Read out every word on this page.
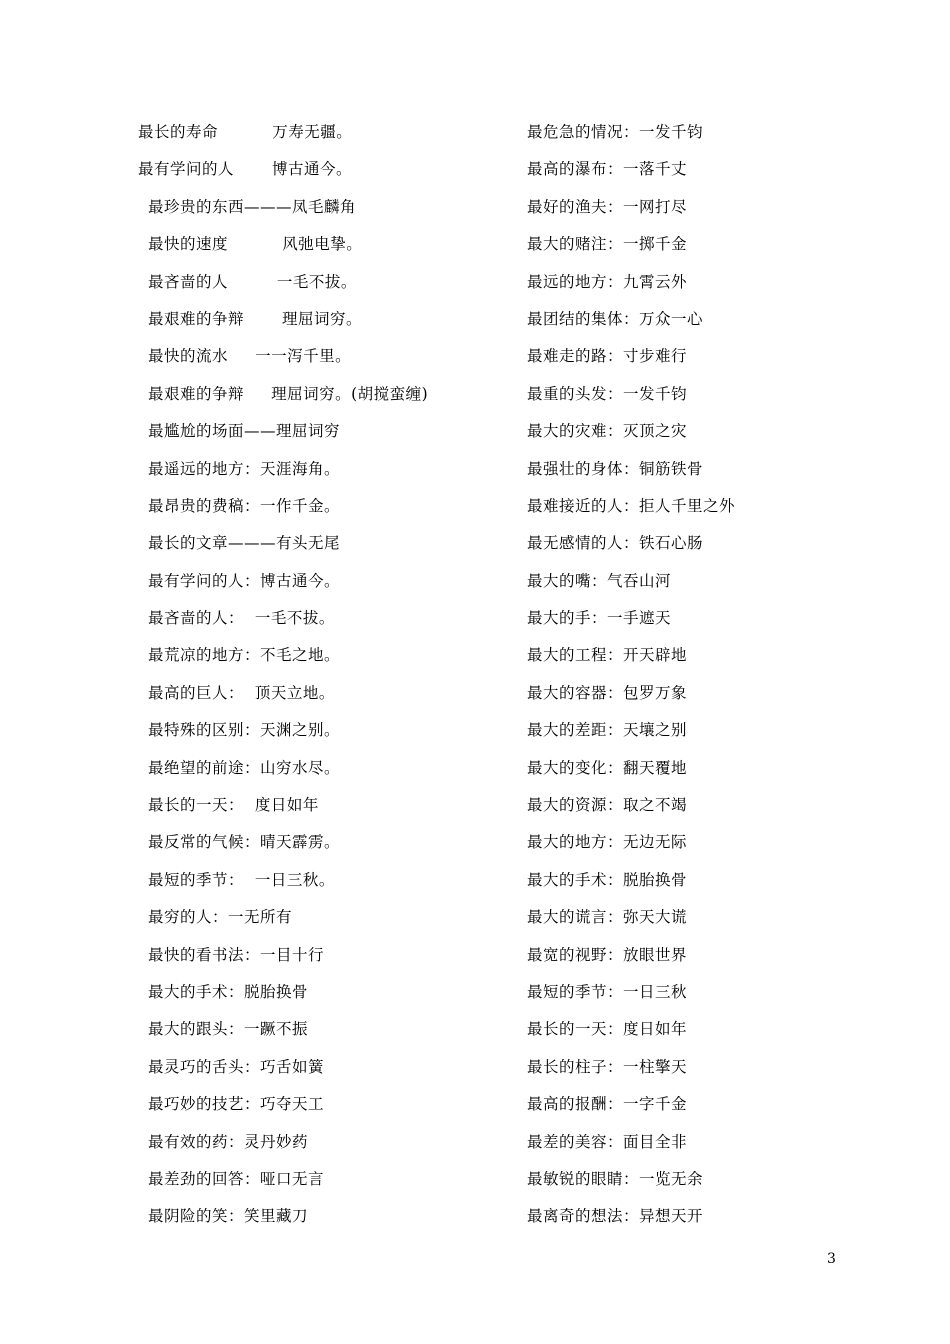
最长的寿命          万寿无疆。
最有学问的人       博古通今。
最珍贵的东西———凤毛麟角
最快的速度          风弛电挚。
最吝啬的人         一毛不拔。
最艰难的争辩       理屈词穷。
最快的流水     一一泻千里。
最艰难的争辩     理屈词穷。(胡搅蛮缠)
最尴尬的场面——理屈词穷
最遥远的地方：天涯海角。
最昂贵的费稿：一作千金。
最长的文章———有头无尾
最有学问的人：博古通今。
最吝啬的人：  一毛不拔。
最荒凉的地方：不毛之地。
最高的巨人：  顶天立地。
最特殊的区别：天渊之别。
最绝望的前途：山穷水尽。
最长的一天：  度日如年
最反常的气候：晴天霹雳。
最短的季节：  一日三秋。
最穷的人：一无所有
最快的看书法：一目十行
最大的手术：脱胎换骨
最大的跟头：一蹶不振
最灵巧的舌头：巧舌如簧
最巧妙的技艺：巧夺天工
最有效的药：灵丹妙药
最差劲的回答：哑口无言
最阴险的笑：笑里藏刀
最危急的情况：一发千钧
最高的瀑布：一落千丈
最好的渔夫：一网打尽
最大的赌注：一掷千金
最远的地方：九霄云外
最团结的集体：万众一心
最难走的路：寸步难行
最重的头发：一发千钧
最大的灾难：灭顶之灾
最强壮的身体：铜筋铁骨
最难接近的人：拒人千里之外
最无感情的人：铁石心肠
最大的嘴：气吞山河
最大的手：一手遮天
最大的工程：开天辟地
最大的容器：包罗万象
最大的差距：天壤之别
最大的变化：翻天覆地
最大的资源：取之不竭
最大的地方：无边无际
最大的手术：脱胎换骨
最大的谎言：弥天大谎
最宽的视野：放眼世界
最短的季节：一日三秋
最长的一天：度日如年
最长的柱子：一柱擎天
最高的报酬：一字千金
最差的美容：面目全非
最敏锐的眼睛：一览无余
最离奇的想法：异想天开
3
